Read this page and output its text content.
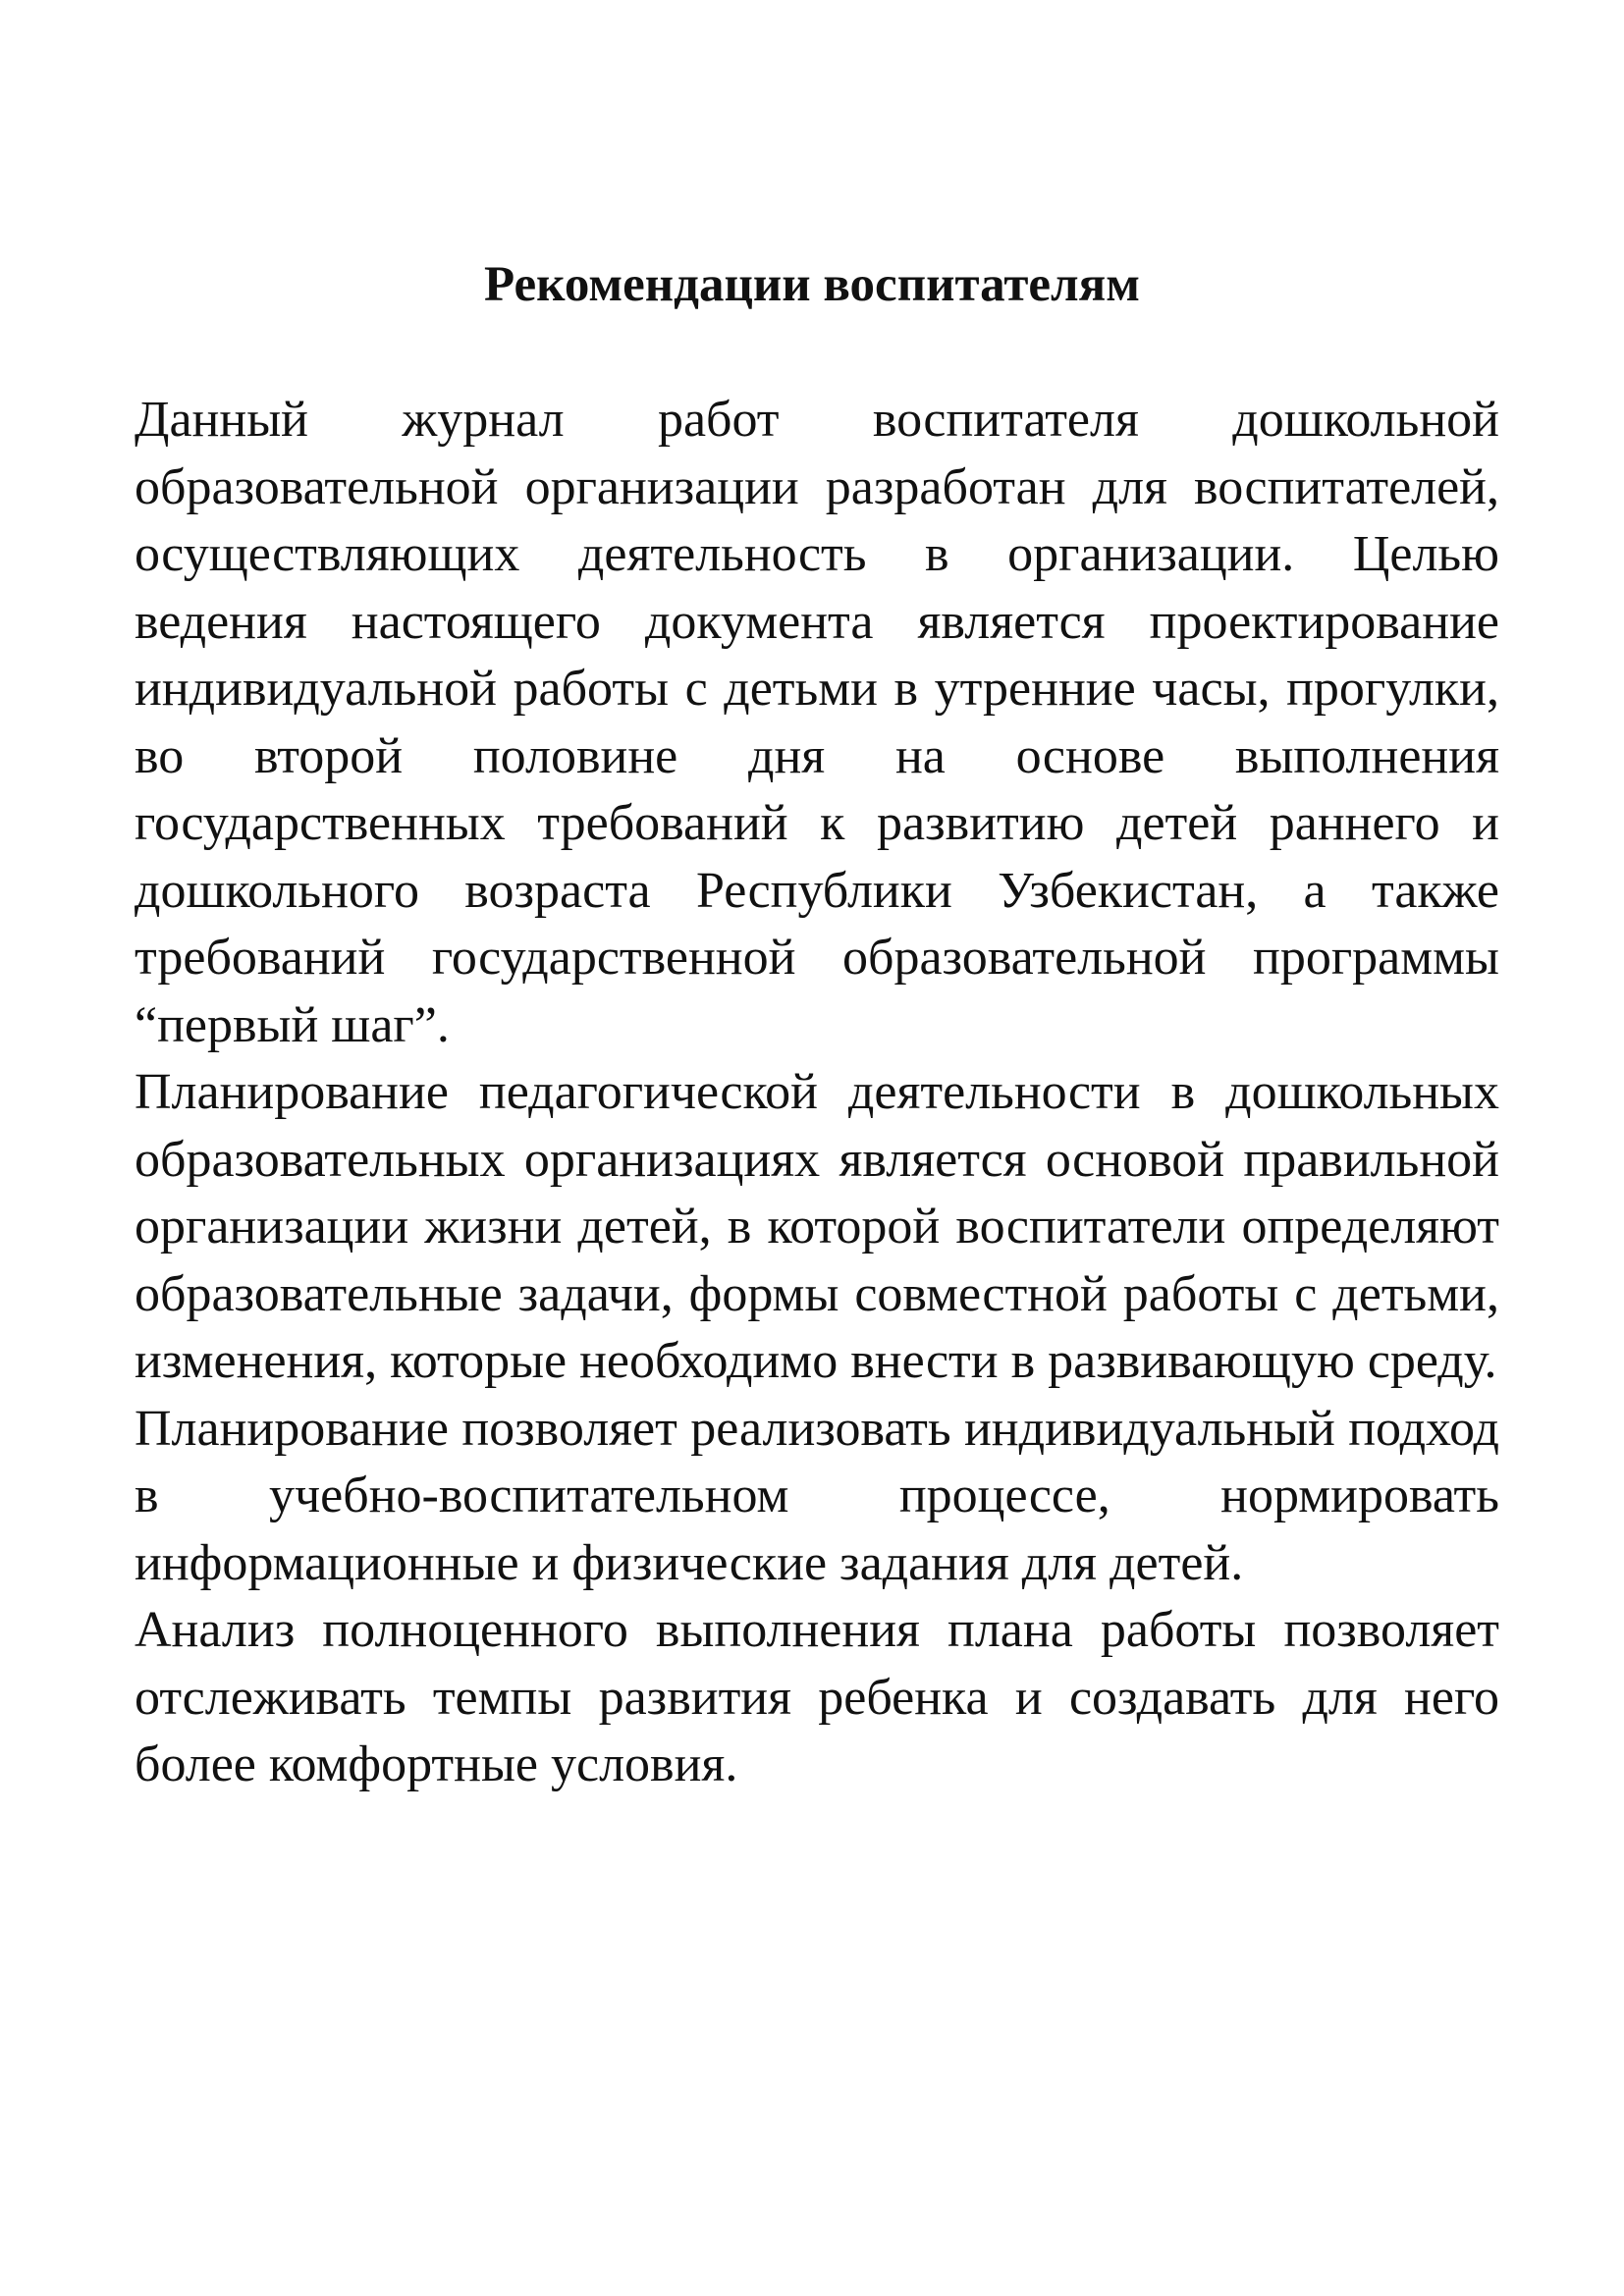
Рекомендации воспитателям

Данный журнал работ воспитателя дошкольной образовательной организации разработан для воспитателей, осуществляющих деятельность в организации. Целью ведения настоящего документа является проектирование индивидуальной работы с детьми в утренние часы, прогулки, во второй половине дня на основе выполнения государственных требований к развитию детей раннего и дошкольного возраста Республики Узбекистан, а также требований государственной образовательной программы “первый шаг”.

Планирование педагогической деятельности в дошкольных образовательных организациях является основой правильной организации жизни детей, в которой воспитатели определяют образовательные задачи, формы совместной работы с детьми, изменения, которые необходимо внести в развивающую среду.

Планирование позволяет реализовать индивидуальный подход в учебно-воспитательном процессе, нормировать информационные и физические задания для детей.

Анализ полноценного выполнения плана работы позволяет отслеживать темпы развития ребенка и создавать для него более комфортные условия.
